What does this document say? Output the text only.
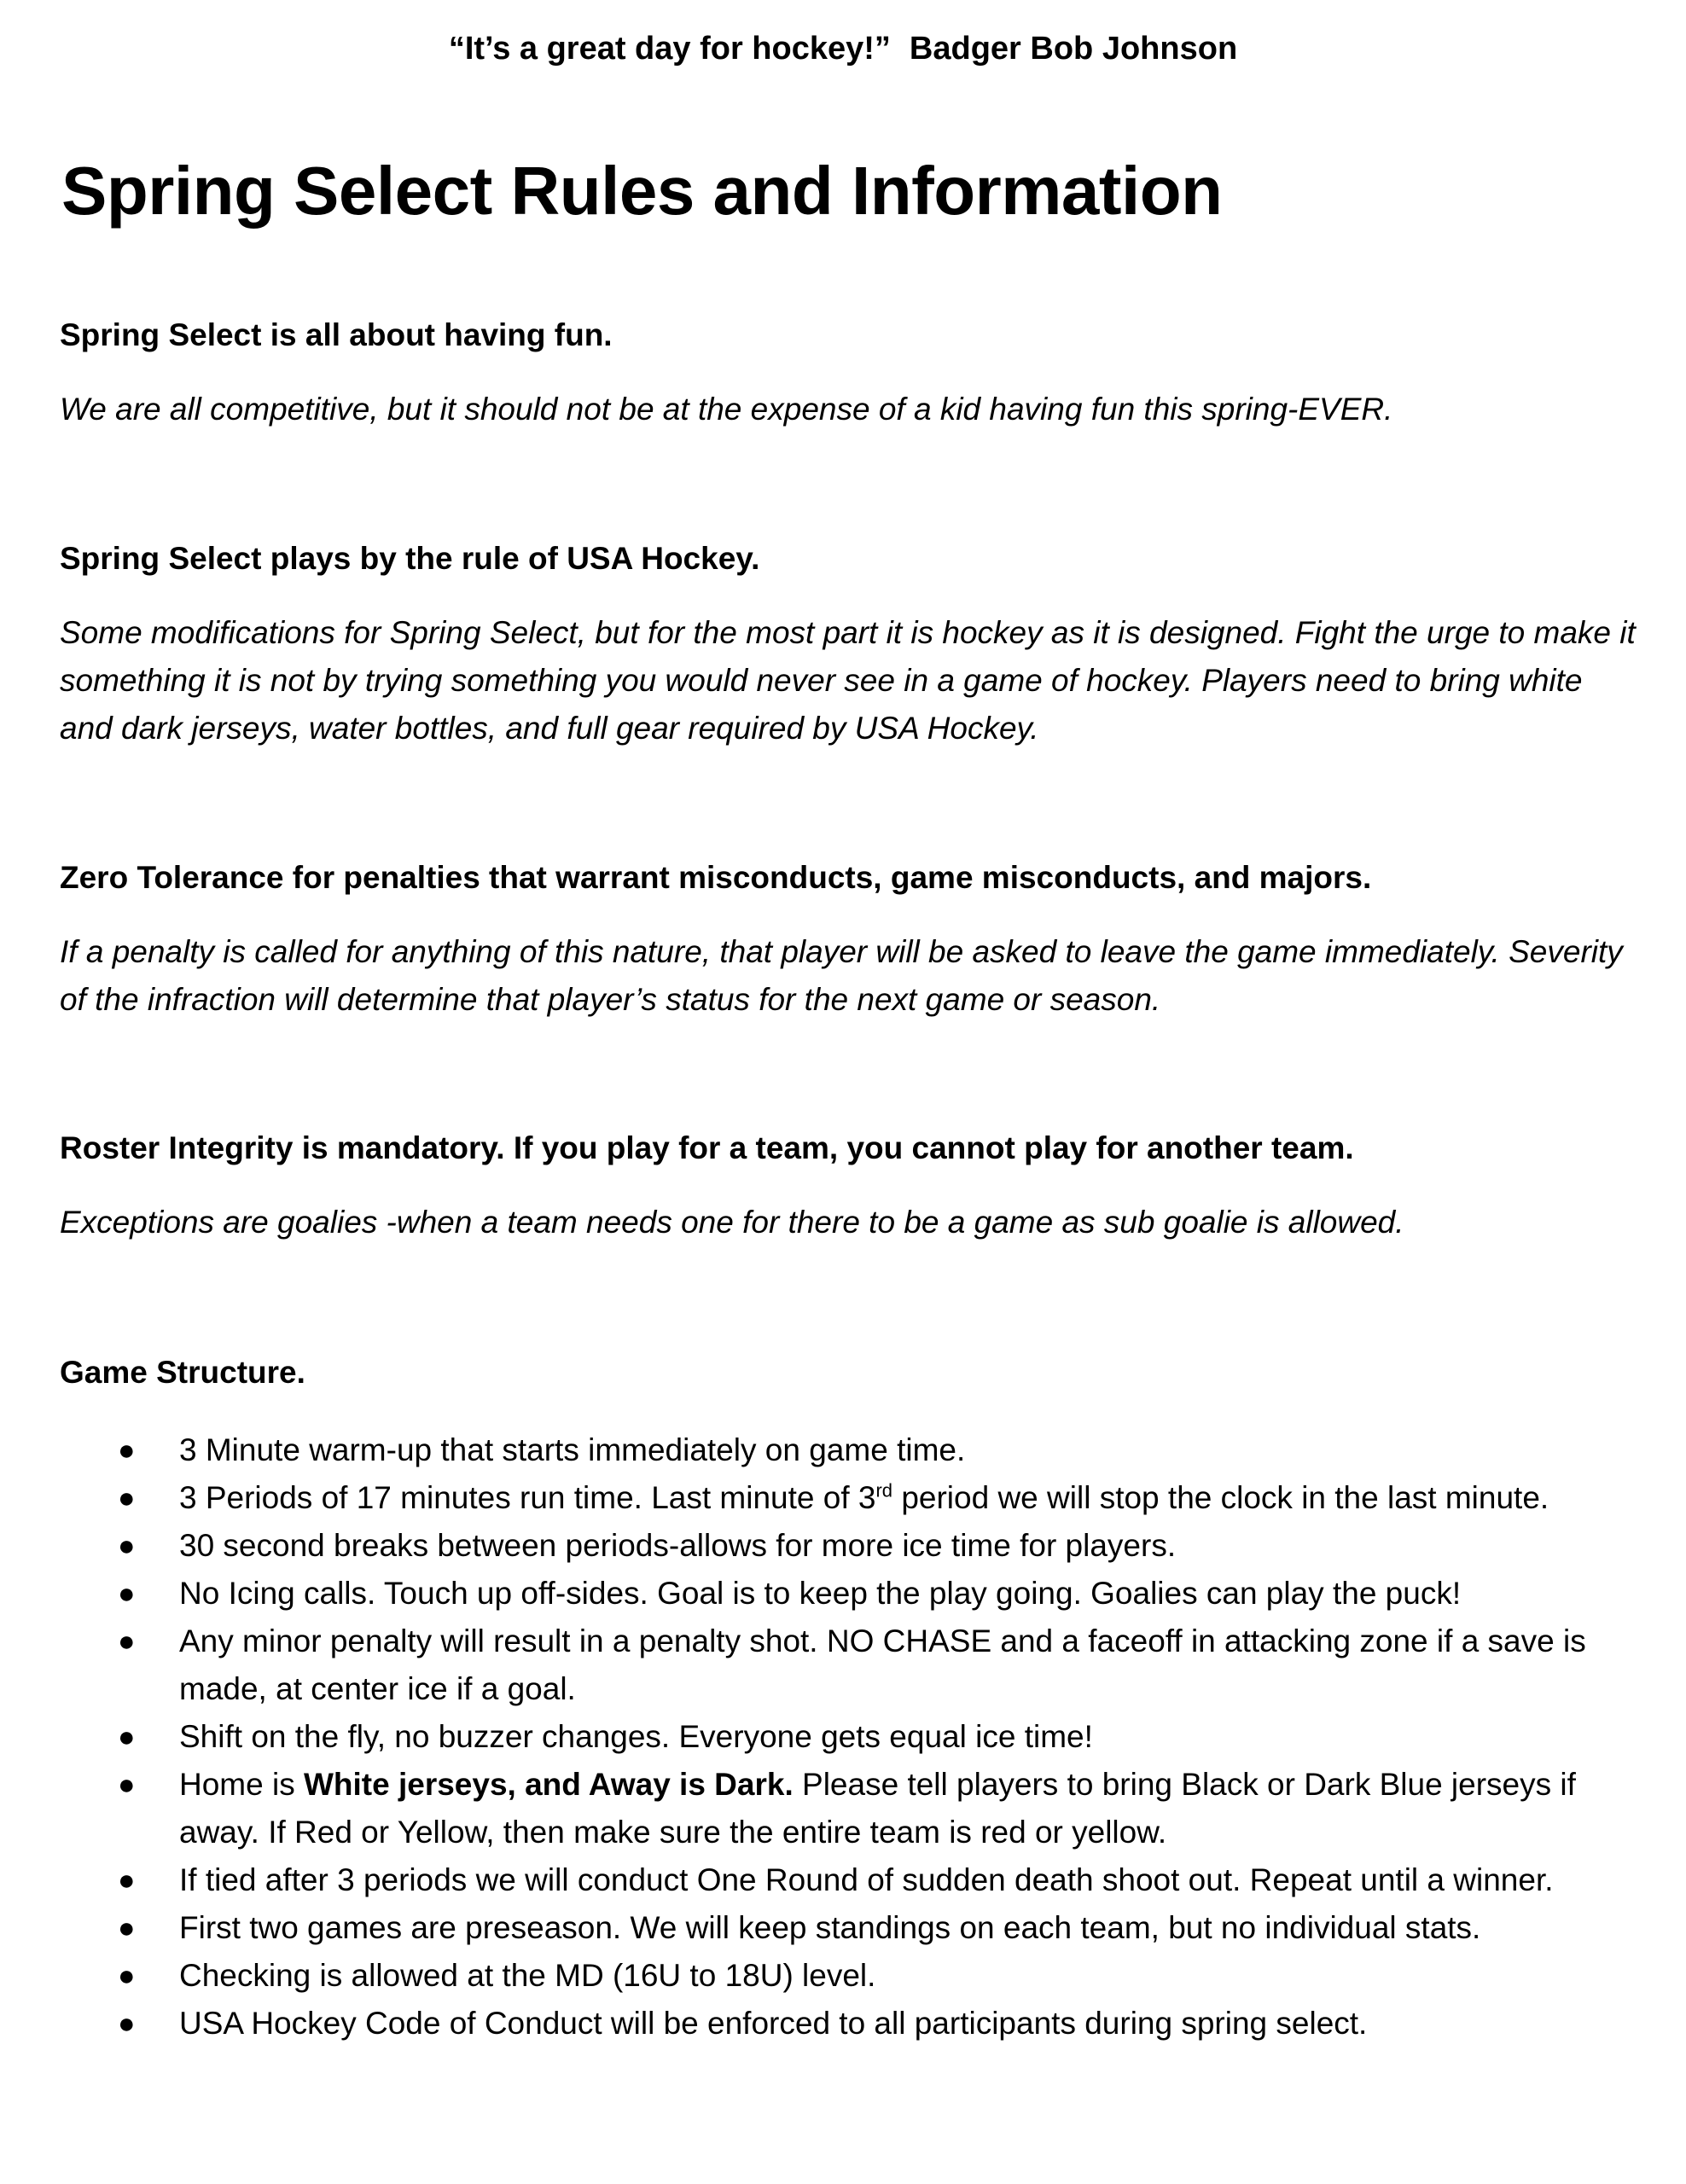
“It’s a great day for hockey!” Badger Bob Johnson
Spring Select Rules and Information
Spring Select is all about having fun.

We are all competitive, but it should not be at the expense of a kid having fun this spring-EVER.

Spring Select plays by the rule of USA Hockey.

Some modifications for Spring Select, but for the most part it is hockey as it is designed. Fight the urge to make it something it is not by trying something you would never see in a game of hockey. Players need to bring white and dark jerseys, water bottles, and full gear required by USA Hockey.

Zero Tolerance for penalties that warrant misconducts, game misconducts, and majors.

If a penalty is called for anything of this nature, that player will be asked to leave the game immediately. Severity of the infraction will determine that player’s status for the next game or season.

Roster Integrity is mandatory. If you play for a team, you cannot play for another team.

Exceptions are goalies -when a team needs one for there to be a game as sub goalie is allowed.

Game Structure.
● 3 Minute warm-up that starts immediately on game time.
● 3 Periods of 17 minutes run time. Last minute of 3rd period we will stop the clock in the last minute.
● 30 second breaks between periods-allows for more ice time for players.
● No Icing calls. Touch up off-sides. Goal is to keep the play going. Goalies can play the puck!
● Any minor penalty will result in a penalty shot. NO CHASE and a faceoff in attacking zone if a save is made, at center ice if a goal.
● Shift on the fly, no buzzer changes. Everyone gets equal ice time!
● Home is White jerseys, and Away is Dark. Please tell players to bring Black or Dark Blue jerseys if away. If Red or Yellow, then make sure the entire team is red or yellow.
● If tied after 3 periods we will conduct One Round of sudden death shoot out. Repeat until a winner.
● First two games are preseason. We will keep standings on each team, but no individual stats.
● Checking is allowed at the MD (16U to 18U) level.
● USA Hockey Code of Conduct will be enforced to all participants during spring select.
